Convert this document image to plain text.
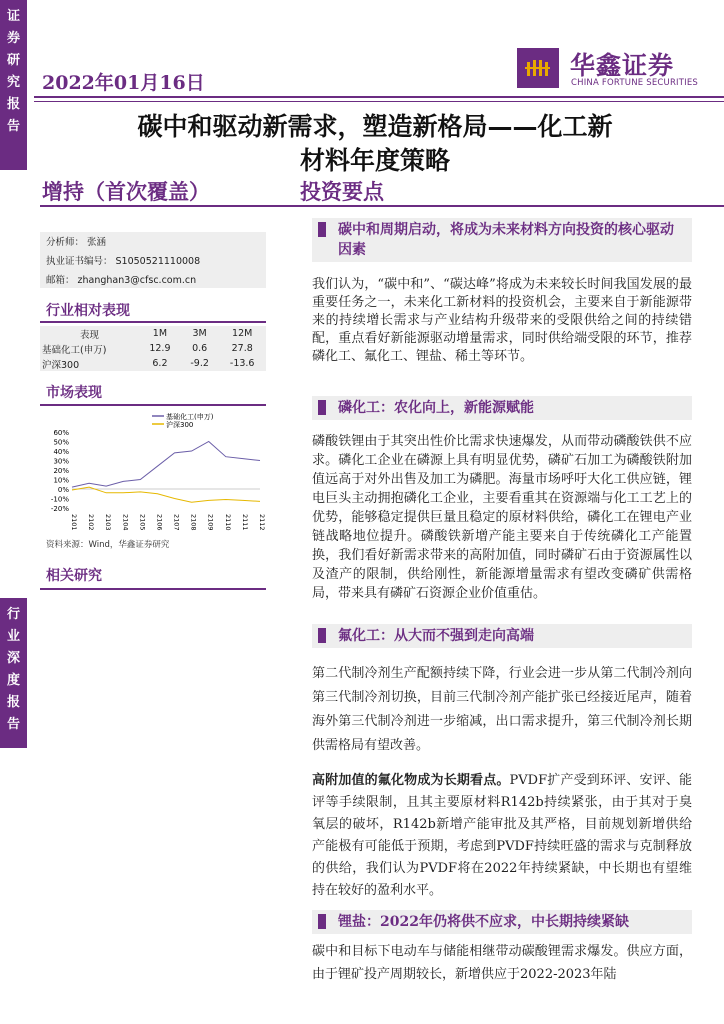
证
券
研
究
报
告
行
业
深
度
报
告
2022年01月16日
华鑫证券
CHINA FORTUNE SECURITIES
碳中和驱动新需求，塑造新格局——化工新
材料年度策略
增持（首次覆盖）	投资要点
分析师： 张涵
执业证书编号： S1050521110008
邮箱： zhanghan3@cfsc.com.cn
行业相对表现
表现	1M	3M	12M
基础化工(申万)	12.9	0.6	27.8
沪深300	6.2	-9.2	-13.6
市场表现
60%
50%
40%
30%
20%
10%
0%
-10%
-20%
2101 2102 2103 2104 2105 2106 2107 2108 2109 2110 2111 2112
基础化工(申万)
沪深300
资料来源：Wind，华鑫证券研究
相关研究
碳中和周期启动，将成为未来材料方向投资的核心驱动因素
我们认为，“碳中和”、“碳达峰”将成为未来较长时间我国发展的最重要任务之一，未来化工新材料的投资机会，主要来自于新能源带来的持续增长需求与产业结构升级带来的受限供给之间的持续错配，重点看好新能源驱动增量需求，同时供给端受限的环节，推荐磷化工、氟化工、锂盐、稀土等环节。
磷化工：农化向上，新能源赋能
磷酸铁锂由于其突出性价比需求快速爆发，从而带动磷酸铁供不应求。磷化工企业在磷源上具有明显优势，磷矿石加工为磷酸铁附加值远高于对外出售及加工为磷肥。海量市场呼吁大化工供应链，锂电巨头主动拥抱磷化工企业，主要看重其在资源端与化工工艺上的优势，能够稳定提供巨量且稳定的原材料供给，磷化工在锂电产业链战略地位提升。磷酸铁新增产能主要来自于传统磷化工产能置换，我们看好新需求带来的高附加值，同时磷矿石由于资源属性以及渣产的限制，供给刚性，新能源增量需求有望改变磷矿供需格局，带来具有磷矿石资源企业价值重估。
氟化工：从大而不强到走向高端
第二代制冷剂生产配额持续下降，行业会进一步从第二代制冷剂向第三代制冷剂切换，目前三代制冷剂产能扩张已经接近尾声，随着海外第三代制冷剂进一步缩减，出口需求提升，第三代制冷剂长期供需格局有望改善。
高附加值的氟化物成为长期看点。PVDF扩产受到环评、安评、能评等手续限制，且其主要原材料R142b持续紧张，由于其对于臭氧层的破坏，R142b新增产能审批及其严格，目前规划新增供给产能极有可能低于预期，考虑到PVDF持续旺盛的需求与克制释放的供给，我们认为PVDF将在2022年持续紧缺，中长期也有望维持在较好的盈利水平。
锂盐：2022年仍将供不应求，中长期持续紧缺
碳中和目标下电动车与储能相继带动碳酸锂需求爆发。供应方面，由于锂矿投产周期较长，新增供应于2022-2023年陆
